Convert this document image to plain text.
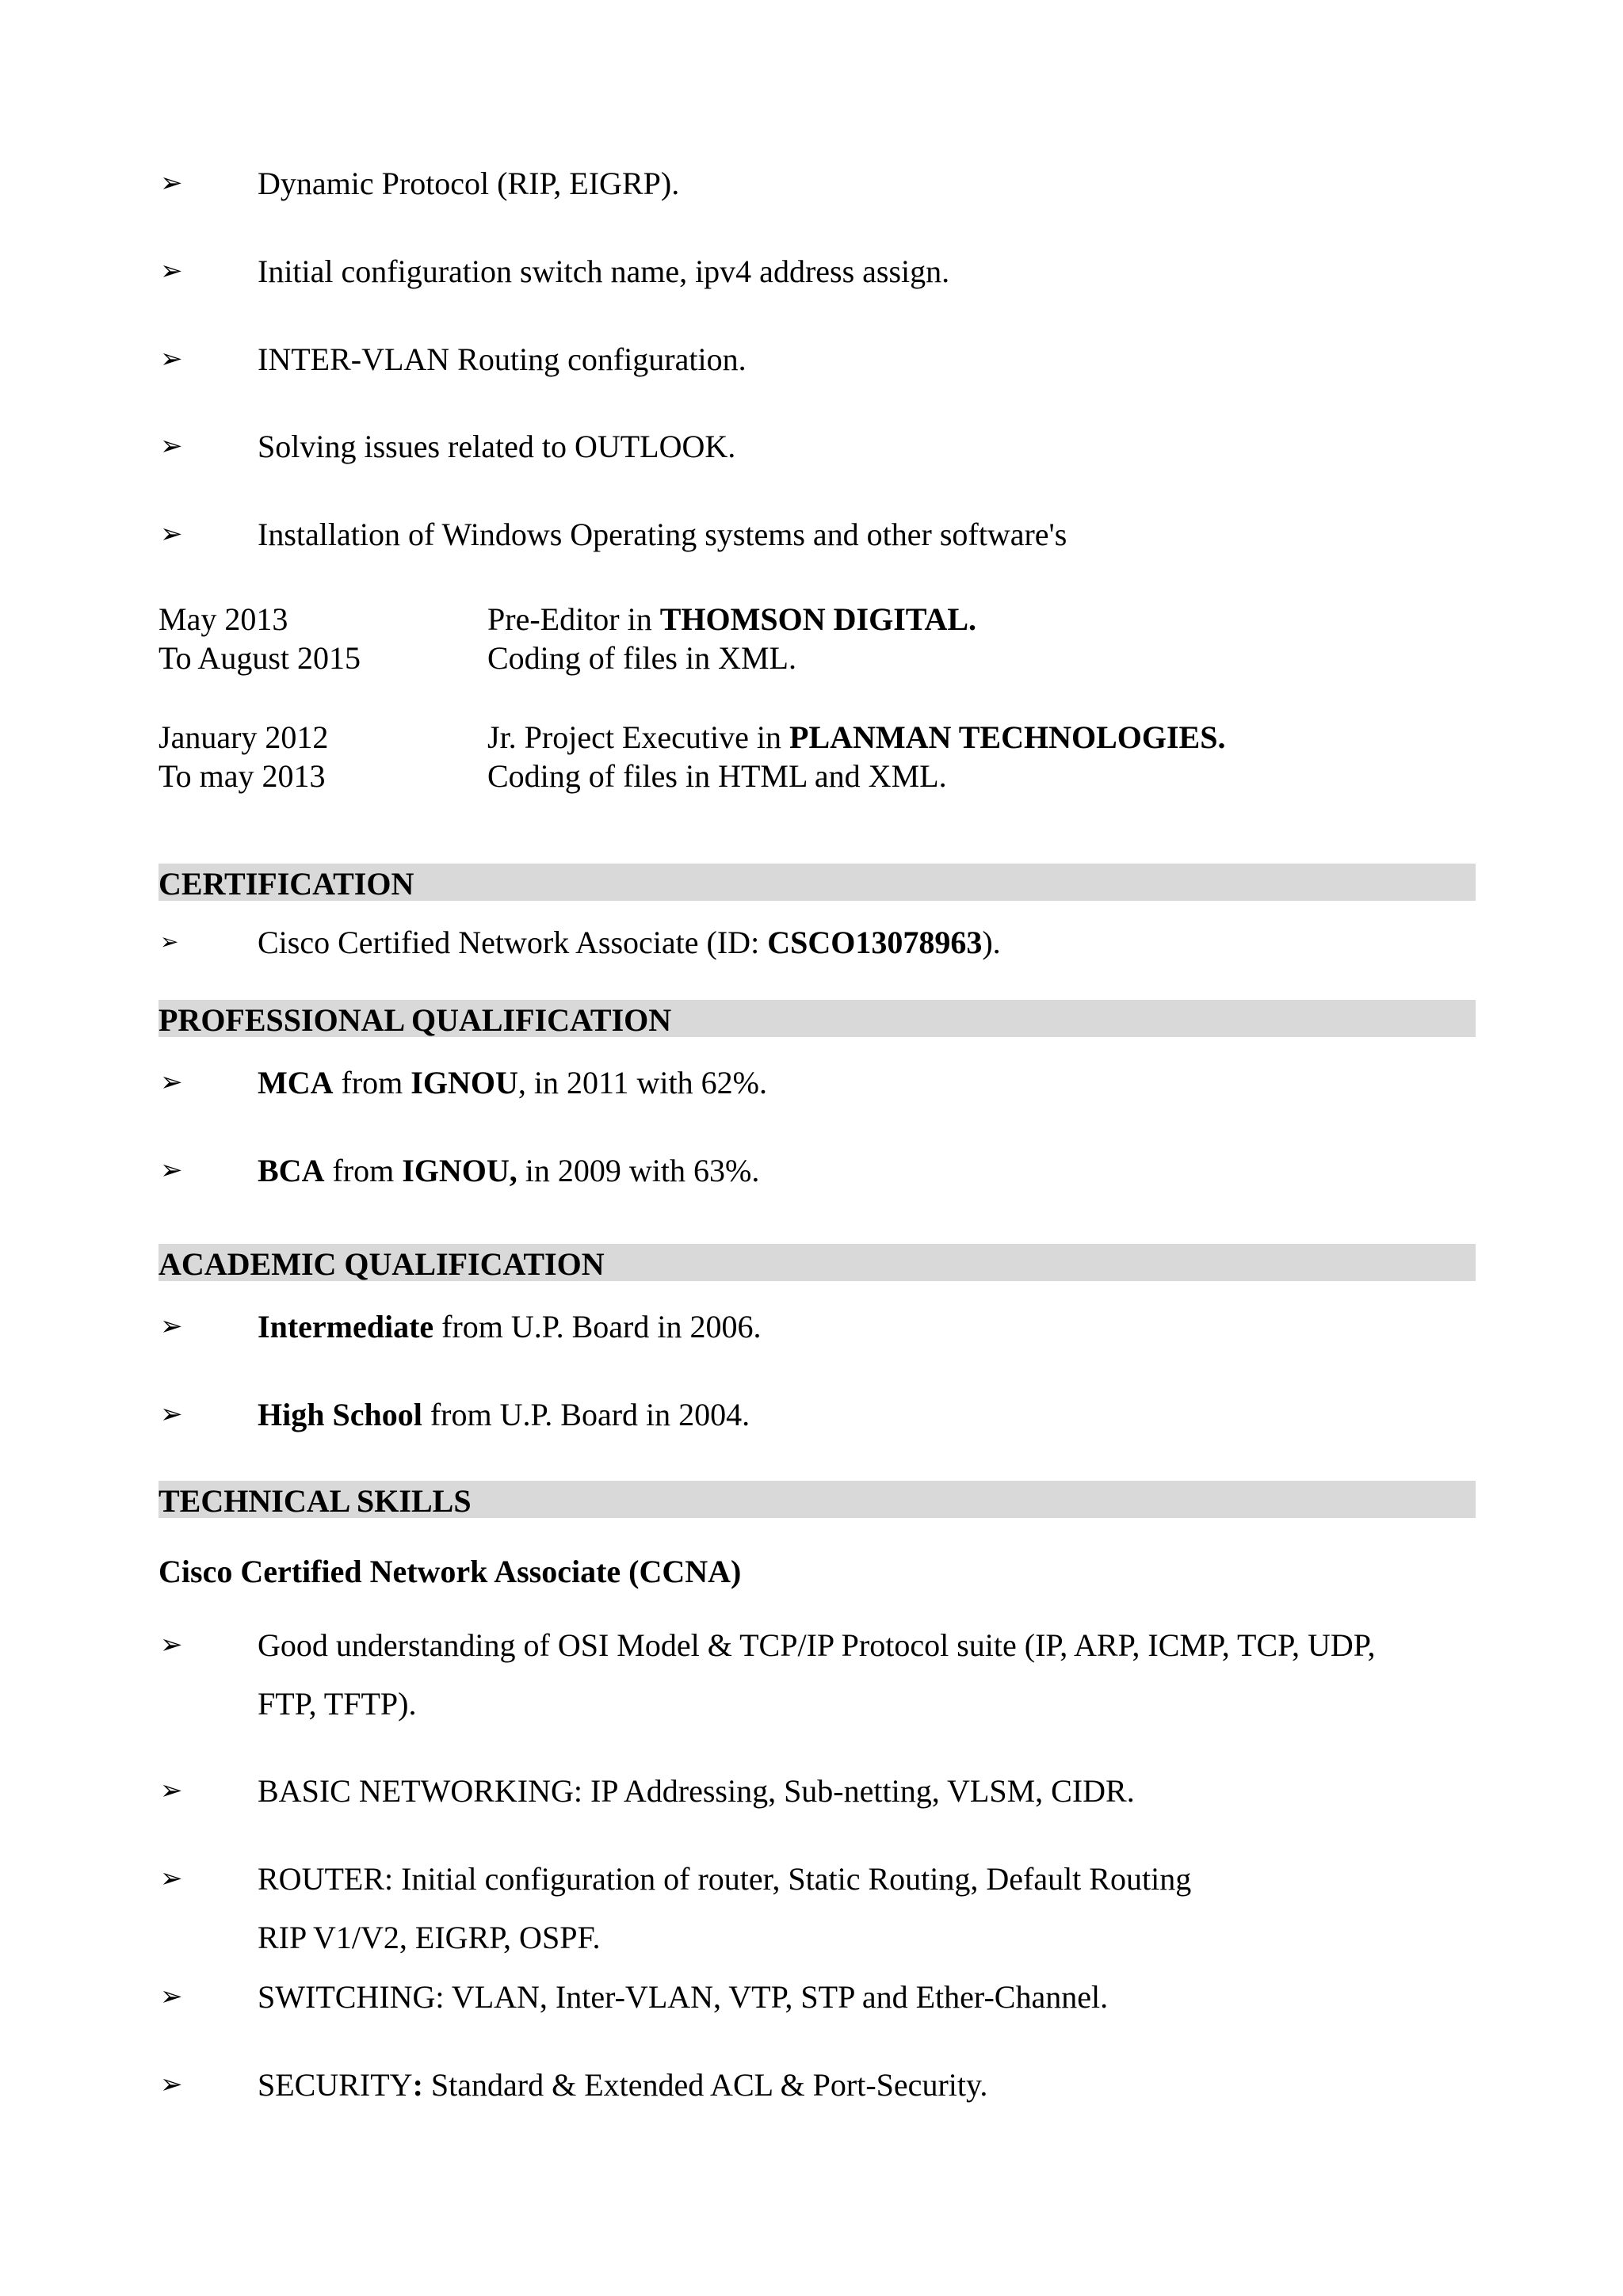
➢ Dynamic Protocol (RIP, EIGRP).
➢ Initial configuration switch name, ipv4 address assign.
➢ INTER-VLAN Routing configuration.
➢ Solving issues related to OUTLOOK.
➢ Installation of Windows Operating systems and other software's
May 2013
To August 2015
Pre-Editor in THOMSON DIGITAL.
Coding of files in XML.
January 2012
To may 2013
Jr. Project Executive in PLANMAN TECHNOLOGIES.
Coding of files in HTML and XML.
CERTIFICATION
➢ Cisco Certified Network Associate (ID: CSCO13078963).
PROFESSIONAL QUALIFICATION
➢ MCA from IGNOU, in 2011 with 62%.
➢ BCA from IGNOU, in 2009 with 63%.
ACADEMIC QUALIFICATION
➢ Intermediate from U.P. Board in 2006.
➢ High School from U.P. Board in 2004.
TECHNICAL SKILLS
Cisco Certified Network Associate (CCNA)
➢ Good understanding of OSI Model & TCP/IP Protocol suite (IP, ARP, ICMP, TCP, UDP,
FTP, TFTP).
➢ BASIC NETWORKING: IP Addressing, Sub-netting, VLSM, CIDR.
➢ ROUTER: Initial configuration of router, Static Routing, Default Routing
RIP V1/V2, EIGRP, OSPF.
➢ SWITCHING: VLAN, Inter-VLAN, VTP, STP and Ether-Channel.
➢ SECURITY: Standard & Extended ACL & Port-Security.
